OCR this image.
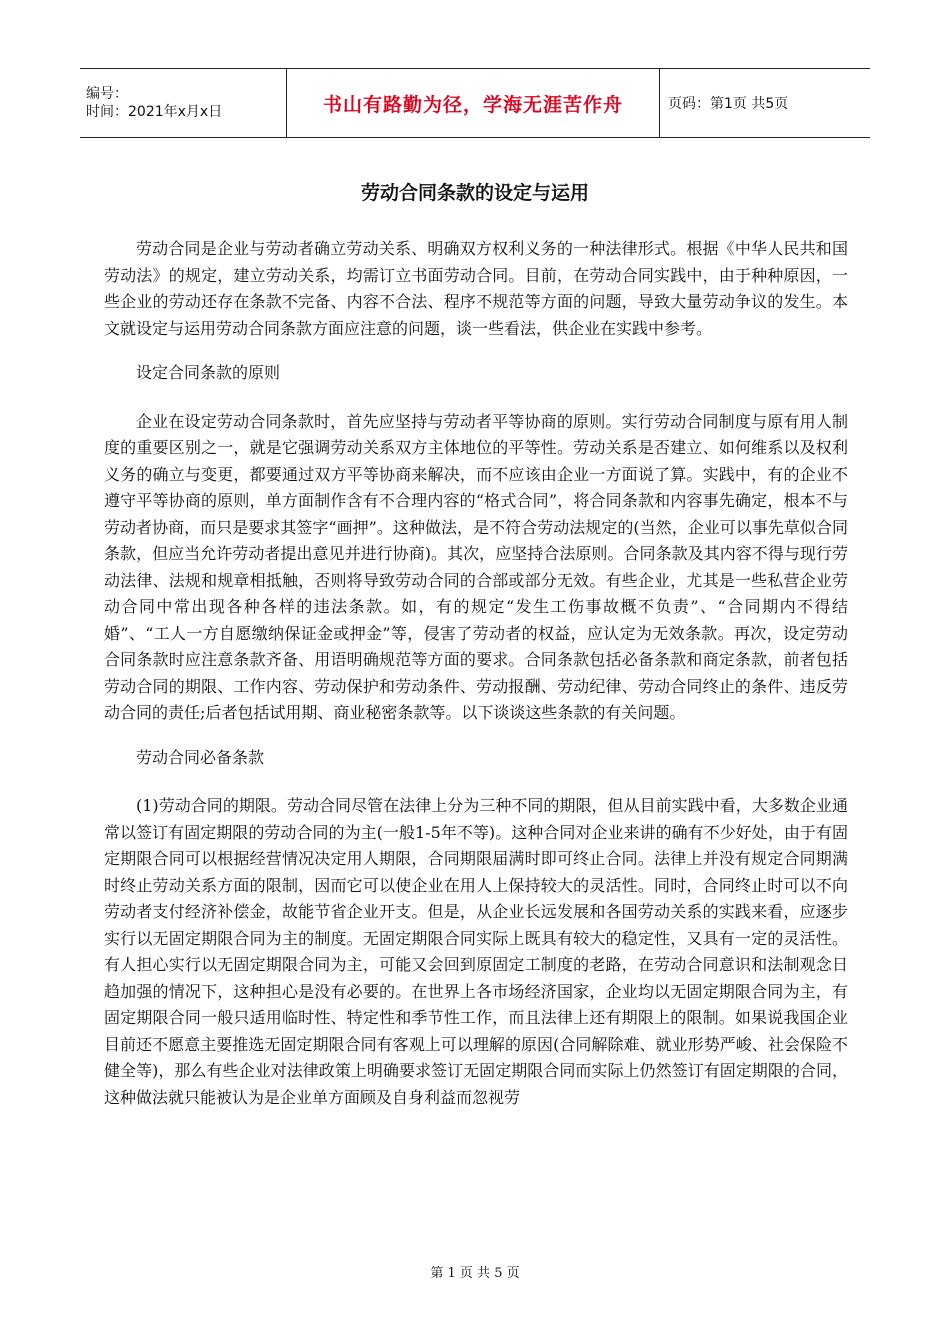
编号：
时间：2021年x月x日	书山有路勤为径，学海无涯苦作舟	页码：第1页 共5页
劳动合同条款的设定与运用

劳动合同是企业与劳动者确立劳动关系、明确双方权利义务的一种法律形式。根据《中华人民共和国劳动法》的规定，建立劳动关系，均需订立书面劳动合同。目前，在劳动合同实践中，由于种种原因，一些企业的劳动还存在条款不完备、内容不合法、程序不规范等方面的问题，导致大量劳动争议的发生。本文就设定与运用劳动合同条款方面应注意的问题，谈一些看法，供企业在实践中参考。

设定合同条款的原则

企业在设定劳动合同条款时，首先应坚持与劳动者平等协商的原则。实行劳动合同制度与原有用人制度的重要区别之一，就是它强调劳动关系双方主体地位的平等性。劳动关系是否建立、如何维系以及权利义务的确立与变更，都要通过双方平等协商来解决，而不应该由企业一方面说了算。实践中，有的企业不遵守平等协商的原则，单方面制作含有不合理内容的“格式合同”，将合同条款和内容事先确定，根本不与劳动者协商，而只是要求其签字“画押”。这种做法，是不符合劳动法规定的(当然，企业可以事先草似合同条款，但应当允许劳动者提出意见并进行协商)。其次，应坚持合法原则。合同条款及其内容不得与现行劳动法律、法规和规章相抵触，否则将导致劳动合同的合部或部分无效。有些企业，尤其是一些私营企业劳动合同中常出现各种各样的违法条款。如，有的规定“发生工伤事故概不负责”、“合同期内不得结婚”、“工人一方自愿缴纳保证金或押金”等，侵害了劳动者的权益，应认定为无效条款。再次，设定劳动合同条款时应注意条款齐备、用语明确规范等方面的要求。合同条款包括必备条款和商定条款，前者包括劳动合同的期限、工作内容、劳动保护和劳动条件、劳动报酬、劳动纪律、劳动合同终止的条件、违反劳动合同的责任;后者包括试用期、商业秘密条款等。以下谈谈这些条款的有关问题。

劳动合同必备条款

(1)劳动合同的期限。劳动合同尽管在法律上分为三种不同的期限，但从目前实践中看，大多数企业通常以签订有固定期限的劳动合同的为主(一般1-5年不等)。这种合同对企业来讲的确有不少好处，由于有固定期限合同可以根据经营情况决定用人期限，合同期限届满时即可终止合同。法律上并没有规定合同期满时终止劳动关系方面的限制，因而它可以使企业在用人上保持较大的灵活性。同时，合同终止时可以不向劳动者支付经济补偿金，故能节省企业开支。但是，从企业长远发展和各国劳动关系的实践来看，应逐步实行以无固定期限合同为主的制度。无固定期限合同实际上既具有较大的稳定性，又具有一定的灵活性。有人担心实行以无固定期限合同为主，可能又会回到原固定工制度的老路，在劳动合同意识和法制观念日趋加强的情况下，这种担心是没有必要的。在世界上各市场经济国家，企业均以无固定期限合同为主，有固定期限合同一般只适用临时性、特定性和季节性工作，而且法律上还有期限上的限制。如果说我国企业目前还不愿意主要推选无固定期限合同有客观上可以理解的原因(合同解除难、就业形势严峻、社会保险不健全等)，那么有些企业对法律政策上明确要求签订无固定期限合同而实际上仍然签订有固定期限的合同，这种做法就只能被认为是企业单方面顾及自身利益而忽视劳

第 1 页 共 5 页
